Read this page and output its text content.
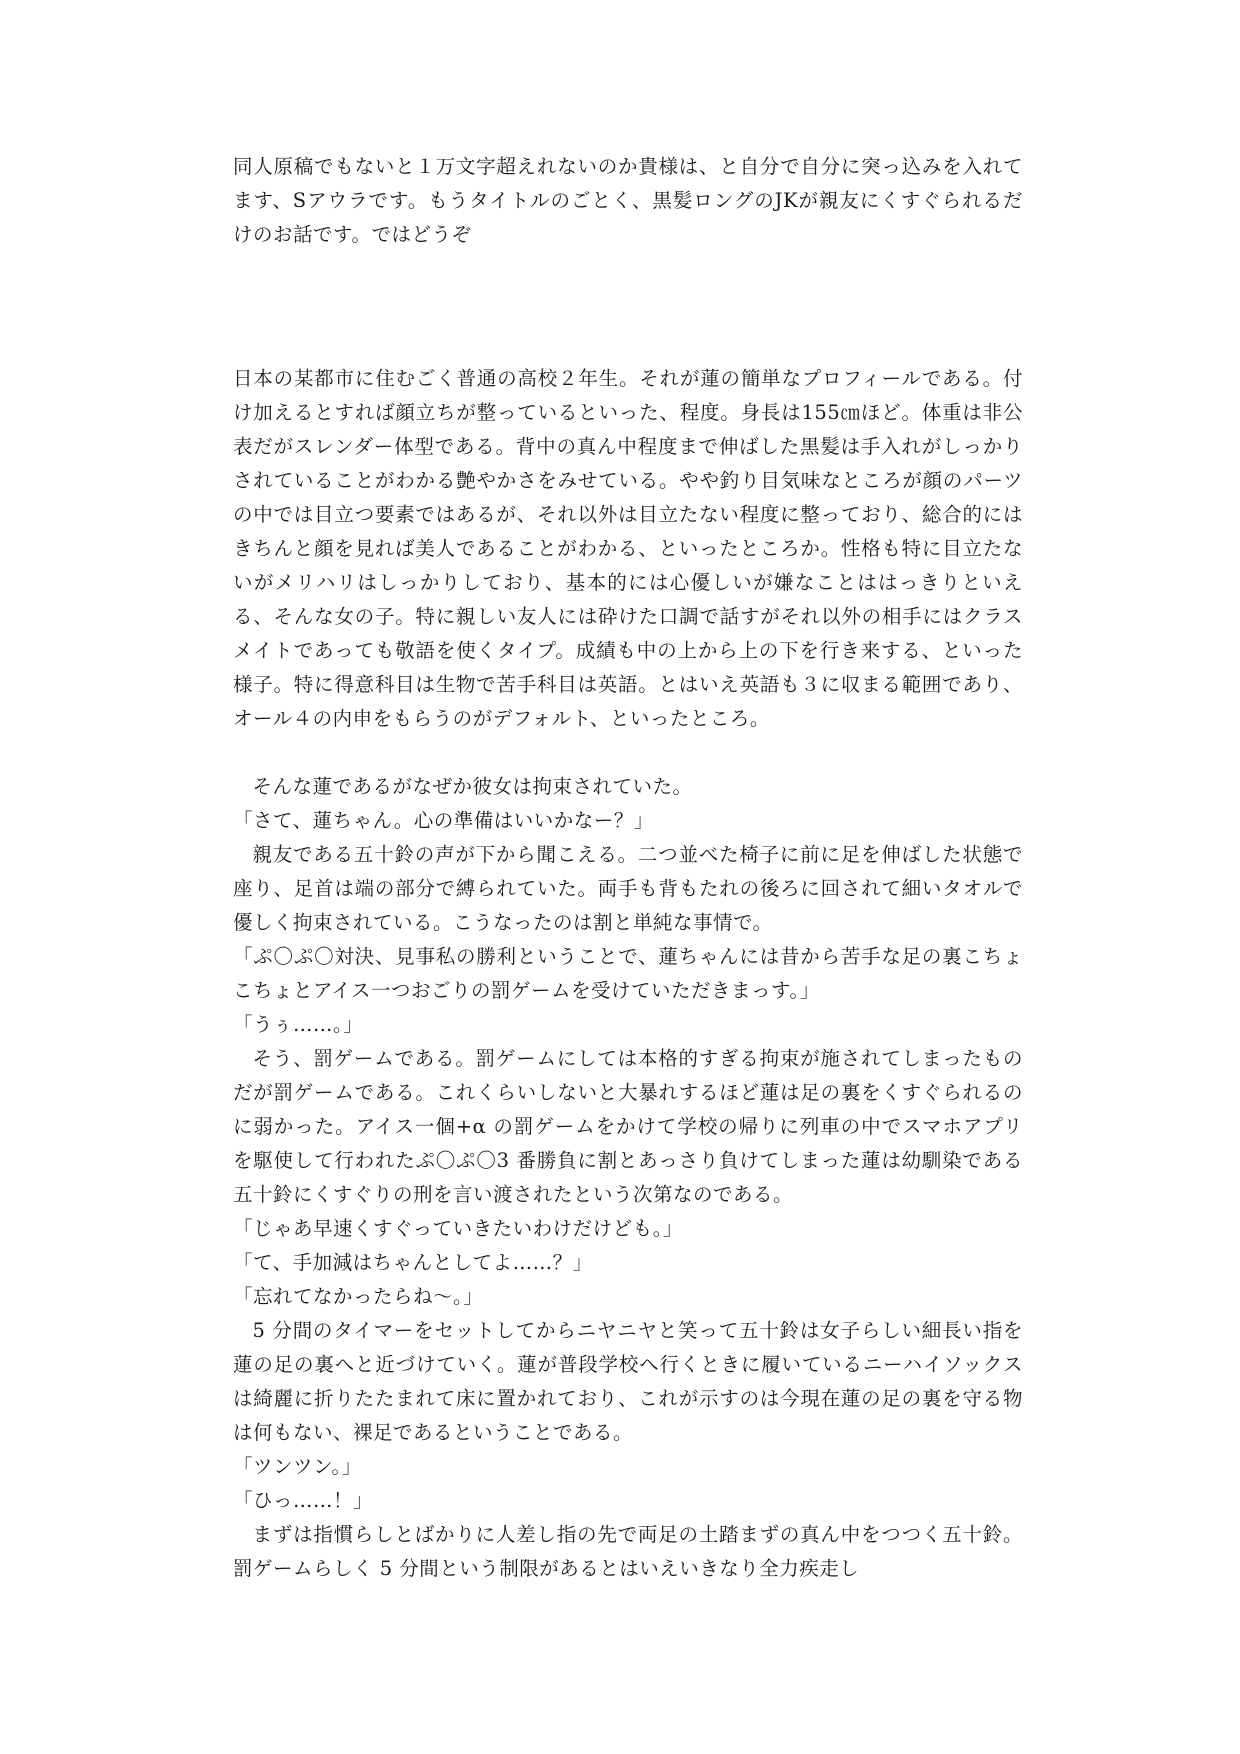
同人原稿でもないと１万文字超えれないのか貴様は、と自分で自分に突っ込みを入れてます、Sアウラです。もうタイトルのごとく、黒髪ロングのJKが親友にくすぐられるだけのお話です。ではどうぞ

日本の某都市に住むごく普通の高校２年生。それが蓮の簡単なプロフィールである。付け加えるとすれば顔立ちが整っているといった、程度。身長は155㎝ほど。体重は非公表だがスレンダー体型である。背中の真ん中程度まで伸ばした黒髪は手入れがしっかりされていることがわかる艶やかさをみせている。やや釣り目気味なところが顔のパーツの中では目立つ要素ではあるが、それ以外は目立たない程度に整っており、総合的にはきちんと顔を見れば美人であることがわかる、といったところか。性格も特に目立たないがメリハリはしっかりしており、基本的には心優しいが嫌なことははっきりといえる、そんな女の子。特に親しい友人には砕けた口調で話すがそれ以外の相手にはクラスメイトであっても敬語を使くタイプ。成績も中の上から上の下を行き来する、といった様子。特に得意科目は生物で苦手科目は英語。とはいえ英語も３に収まる範囲であり、オール４の内申をもらうのがデフォルト、といったところ。

そんな蓮であるがなぜか彼女は拘束されていた。

「さて、蓮ちゃん。心の準備はいいかなー？」

親友である五十鈴の声が下から聞こえる。二つ並べた椅子に前に足を伸ばした状態で座り、足首は端の部分で縛られていた。両手も背もたれの後ろに回されて細いタオルで優しく拘束されている。こうなったのは割と単純な事情で。

「ぷ〇ぷ〇対決、見事私の勝利ということで、蓮ちゃんには昔から苦手な足の裏こちょこちょとアイス一つおごりの罰ゲームを受けていただきまっす。」

「うぅ……。」

そう、罰ゲームである。罰ゲームにしては本格的すぎる拘束が施されてしまったものだが罰ゲームである。これくらいしないと大暴れするほど蓮は足の裏をくすぐられるのに弱かった。アイス一個+α の罰ゲームをかけて学校の帰りに列車の中でスマホアプリを駆使して行われたぷ〇ぷ〇3 番勝負に割とあっさり負けてしまった蓮は幼馴染である五十鈴にくすぐりの刑を言い渡されたという次第なのである。

「じゃあ早速くすぐっていきたいわけだけども。」

「て、手加減はちゃんとしてよ……？」

「忘れてなかったらね〜。」

5 分間のタイマーをセットしてからニヤニヤと笑って五十鈴は女子らしい細長い指を蓮の足の裏へと近づけていく。蓮が普段学校へ行くときに履いているニーハイソックスは綺麗に折りたたまれて床に置かれており、これが示すのは今現在蓮の足の裏を守る物は何もない、裸足であるということである。

「ツンツン。」

「ひっ……！」

まずは指慣らしとばかりに人差し指の先で両足の土踏まずの真ん中をつつく五十鈴。罰ゲームらしく 5 分間という制限があるとはいえいきなり全力疾走し
